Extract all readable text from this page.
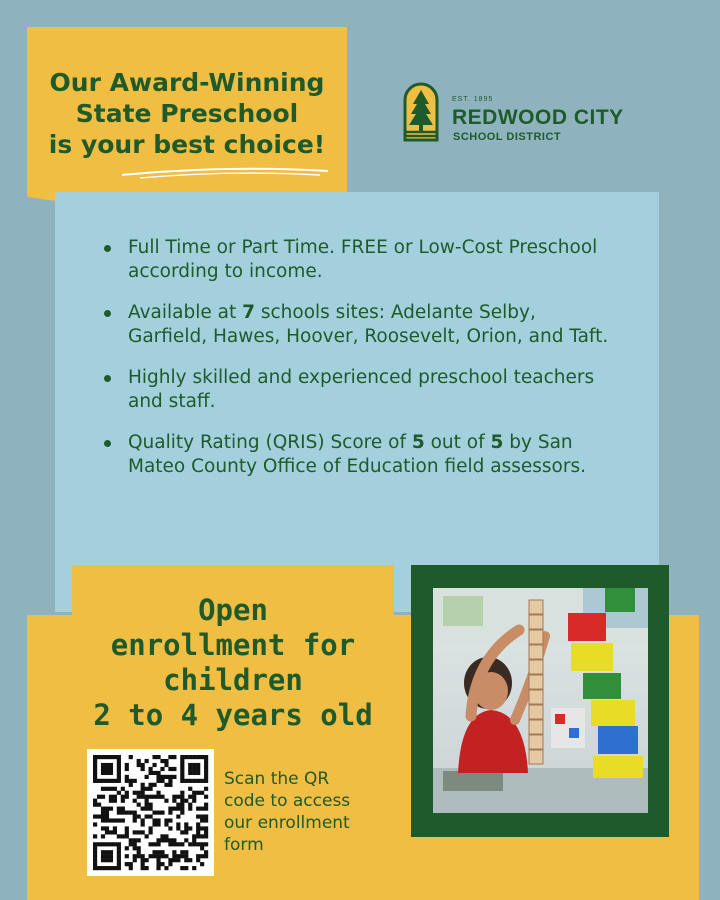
Our Award-Winning
State Preschool
is your best choice!
EST. 1895
REDWOOD CITY
SCHOOL DISTRICT
Full Time or Part Time. FREE or Low-Cost Preschool according to income.
Available at 7 schools sites: Adelante Selby, Garfield, Hawes, Hoover, Roosevelt, Orion, and Taft.
Highly skilled and experienced preschool teachers and staff.
Quality Rating (QRIS) Score of 5 out of 5 by San Mateo County Office of Education field assessors.
Open
enrollment for
children
2 to 4 years old
Scan the QR
code to access
our enrollment
form
